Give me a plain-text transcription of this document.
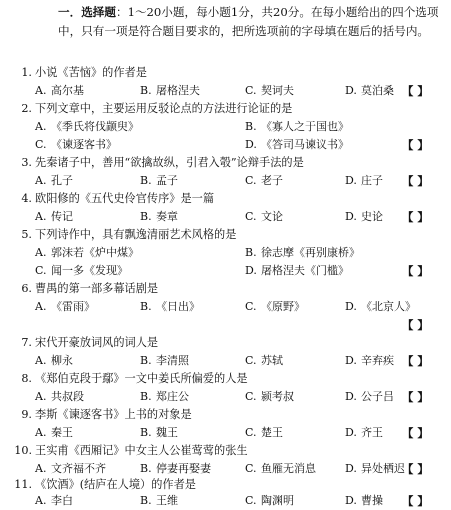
一．选择题：1～20小题，每小题1分，共20分。在每小题给出的四个选项中，只有一项是符合题目要求的，把所选项前的字母填在题后的括号内。
1. 小说《苦恼》的作者是
A. 高尔基	B. 屠格涅夫	C. 契诃夫	D. 莫泊桑 【 】
2. 下列文章中，主要运用反驳论点的方法进行论证的是
A. 《季氏将伐颛臾》	B. 《寡人之于国也》
C. 《谏逐客书》	D. 《答司马谏议书》	【 】
3. 先秦诸子中，善用“欲擒故纵，引君入彀”论辩手法的是
A. 孔子	B. 孟子	C. 老子	D. 庄子 【 】
4. 欧阳修的《五代史伶官传序》是一篇
A. 传记	B. 奏章	C. 文论	D. 史论 【 】
5. 下列诗作中，具有飘逸清丽艺术风格的是
A. 郭沫若《炉中煤》	B. 徐志摩《再别康桥》
C. 闻一多《发现》	D. 屠格涅夫《门槛》	【 】
6. 曹禺的第一部多幕话剧是
A. 《雷雨》	B. 《日出》	C. 《原野》	D. 《北京人》
【 】
7. 宋代开豪放词风的词人是
A. 柳永	B. 李清照	C. 苏轼	D. 辛弃疾 【 】
8. 《郑伯克段于鄢》一文中姜氏所偏爱的人是
A. 共叔段	B. 郑庄公	C. 颍考叔	D. 公子吕 【 】
9. 李斯《谏逐客书》上书的对象是
A. 秦王	B. 魏王	C. 楚王	D. 齐王 【 】
10. 王实甫《西厢记》中女主人公崔莺莺的张生
A. 文齐福不齐	B. 停妻再娶妻	C. 鱼雁无消息	D. 异处栖迟
【 】
11. 《饮酒》(结庐在人境）的作者是
A. 李白	B. 王维	C. 陶渊明	D. 曹操 【 】
